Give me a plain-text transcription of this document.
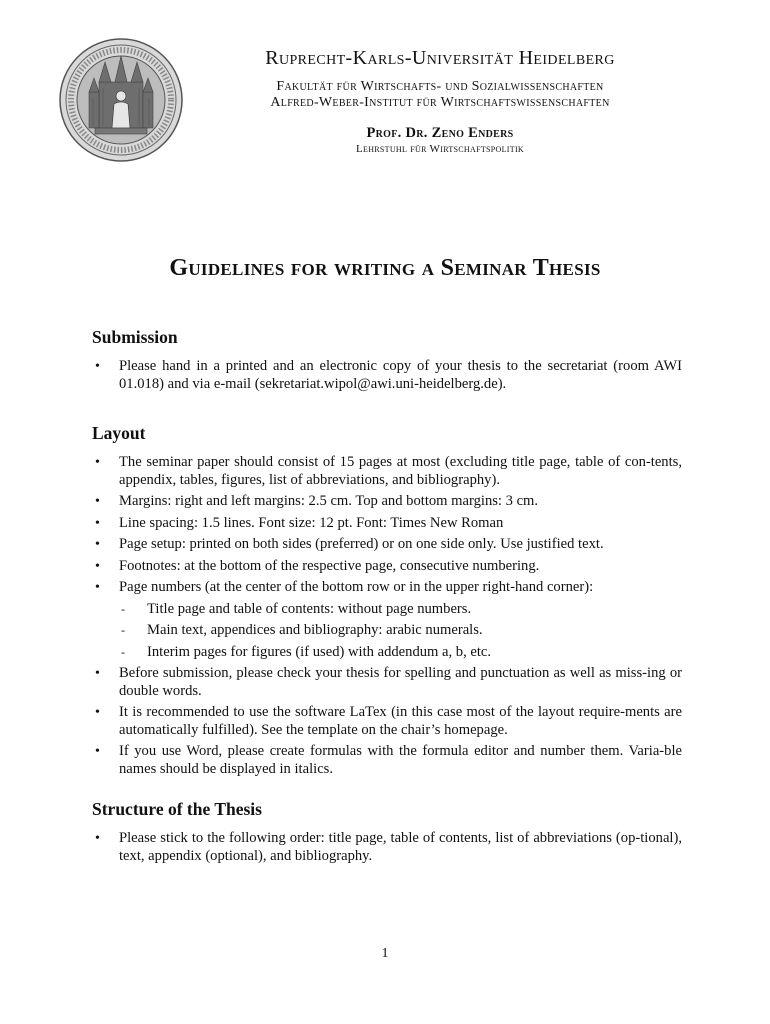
Ruprecht-Karls-Universität Heidelberg
Fakultät für Wirtschafts- und Sozialwissenschaften
Alfred-Weber-Institut für Wirtschaftswissenschaften
Prof. Dr. Zeno Enders
Lehrstuhl für Wirtschaftspolitik
Guidelines for writing a Seminar Thesis
Submission
• Please hand in a printed and an electronic copy of your thesis to the secretariat (room AWI 01.018) and via e-mail (sekretariat.wipol@awi.uni-heidelberg.de).
Layout
• The seminar paper should consist of 15 pages at most (excluding title page, table of con-tents, appendix, tables, figures, list of abbreviations, and bibliography).
• Margins: right and left margins: 2.5 cm. Top and bottom margins: 3 cm.
• Line spacing: 1.5 lines. Font size: 12 pt. Font: Times New Roman
• Page setup: printed on both sides (preferred) or on one side only. Use justified text.
• Footnotes: at the bottom of the respective page, consecutive numbering.
• Page numbers (at the center of the bottom row or in the upper right-hand corner):
- Title page and table of contents: without page numbers.
- Main text, appendices and bibliography: arabic numerals.
- Interim pages for figures (if used) with addendum a, b, etc.
• Before submission, please check your thesis for spelling and punctuation as well as miss-ing or double words.
• It is recommended to use the software LaTex (in this case most of the layout require-ments are automatically fulfilled). See the template on the chair’s homepage.
• If you use Word, please create formulas with the formula editor and number them. Varia-ble names should be displayed in italics.
Structure of the Thesis
• Please stick to the following order: title page, table of contents, list of abbreviations (op-tional), text, appendix (optional), and bibliography.
1
